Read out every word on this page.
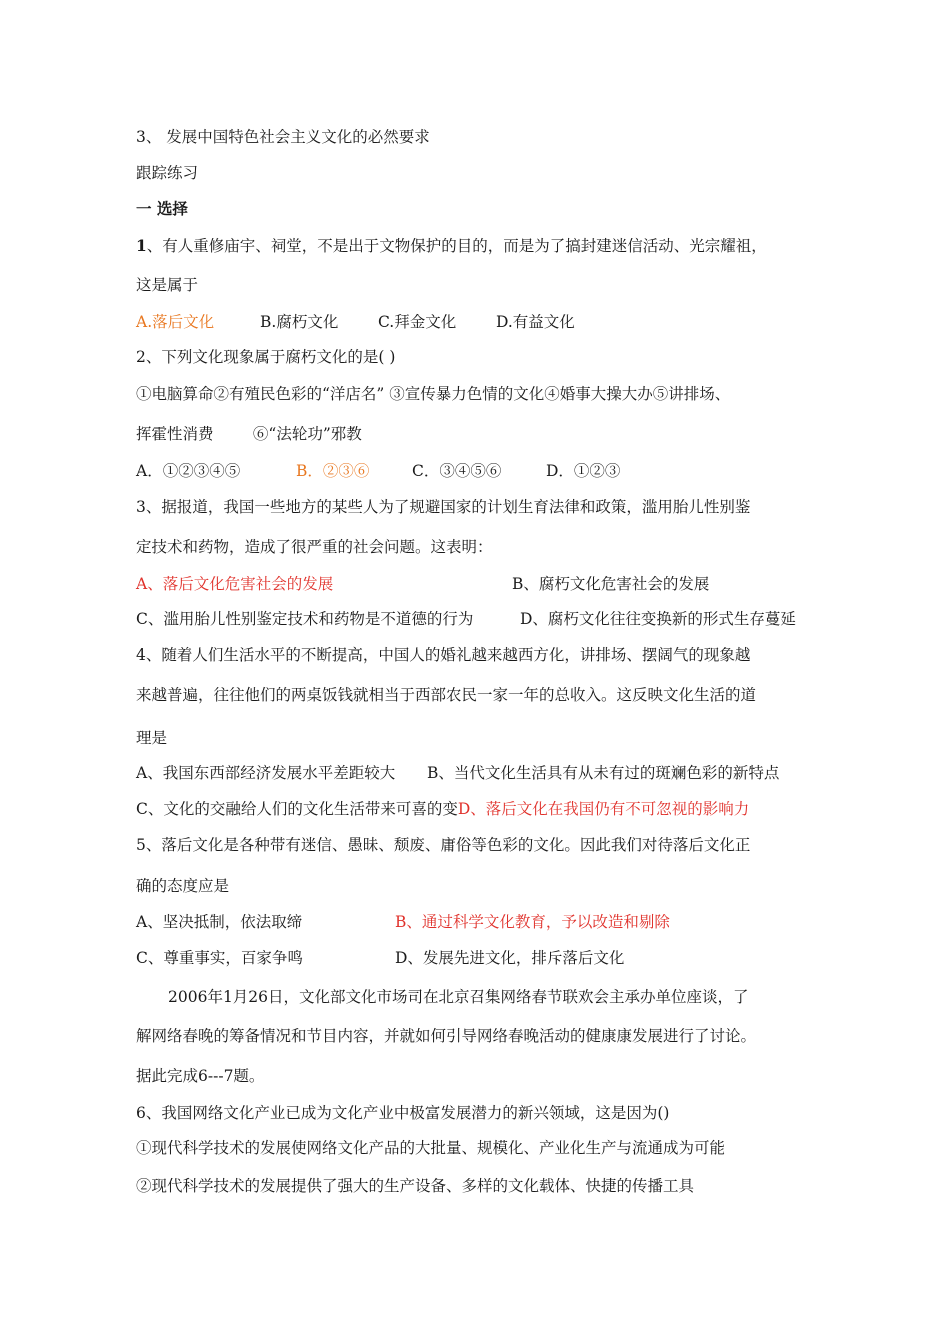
3、 发展中国特色社会主义文化的必然要求
跟踪练习
一 选择
1、有人重修庙宇、祠堂，不是出于文物保护的目的，而是为了搞封建迷信活动、光宗耀祖，
这是属于
A.落后文化	B.腐朽文化	C.拜金文化	D.有益文化
2、下列文化现象属于腐朽文化的是( )
①电脑算命②有殖民色彩的“洋店名” ③宣传暴力色情的文化④婚事大操大办⑤讲排场、
挥霍性消费        ⑥“法轮功”邪教
A．①②③④⑤	B．②③⑥	C．③④⑤⑥	D．①②③
3、据报道，我国一些地方的某些人为了规避国家的计划生育法律和政策，滥用胎儿性别鉴
定技术和药物，造成了很严重的社会问题。这表明：
A、落后文化危害社会的发展	B、腐朽文化危害社会的发展
C、滥用胎儿性别鉴定技术和药物是不道德的行为	D、腐朽文化往往变换新的形式生存蔓延
4、随着人们生活水平的不断提高，中国人的婚礼越来越西方化，讲排场、摆阔气的现象越
来越普遍，往往他们的两桌饭钱就相当于西部农民一家一年的总收入。这反映文化生活的道
理是
A、我国东西部经济发展水平差距较大 B、当代文化生活具有从未有过的斑斓色彩的新特点
C、文化的交融给人们的文化生活带来可喜的变D、落后文化在我国仍有不可忽视的影响力
5、落后文化是各种带有迷信、愚昧、颓废、庸俗等色彩的文化。因此我们对待落后文化正
确的态度应是
A、坚决抵制，依法取缔	B、通过科学文化教育，予以改造和剔除
C、尊重事实，百家争鸣	D、发展先进文化，排斥落后文化
2006年1月26日，文化部文化市场司在北京召集网络春节联欢会主承办单位座谈，了
解网络春晚的筹备情况和节目内容，并就如何引导网络春晚活动的健康康发展进行了讨论。
据此完成6---7题。
6、我国网络文化产业已成为文化产业中极富发展潜力的新兴领域，这是因为()
①现代科学技术的发展使网络文化产品的大批量、规模化、产业化生产与流通成为可能
②现代科学技术的发展提供了强大的生产设备、多样的文化载体、快捷的传播工具
